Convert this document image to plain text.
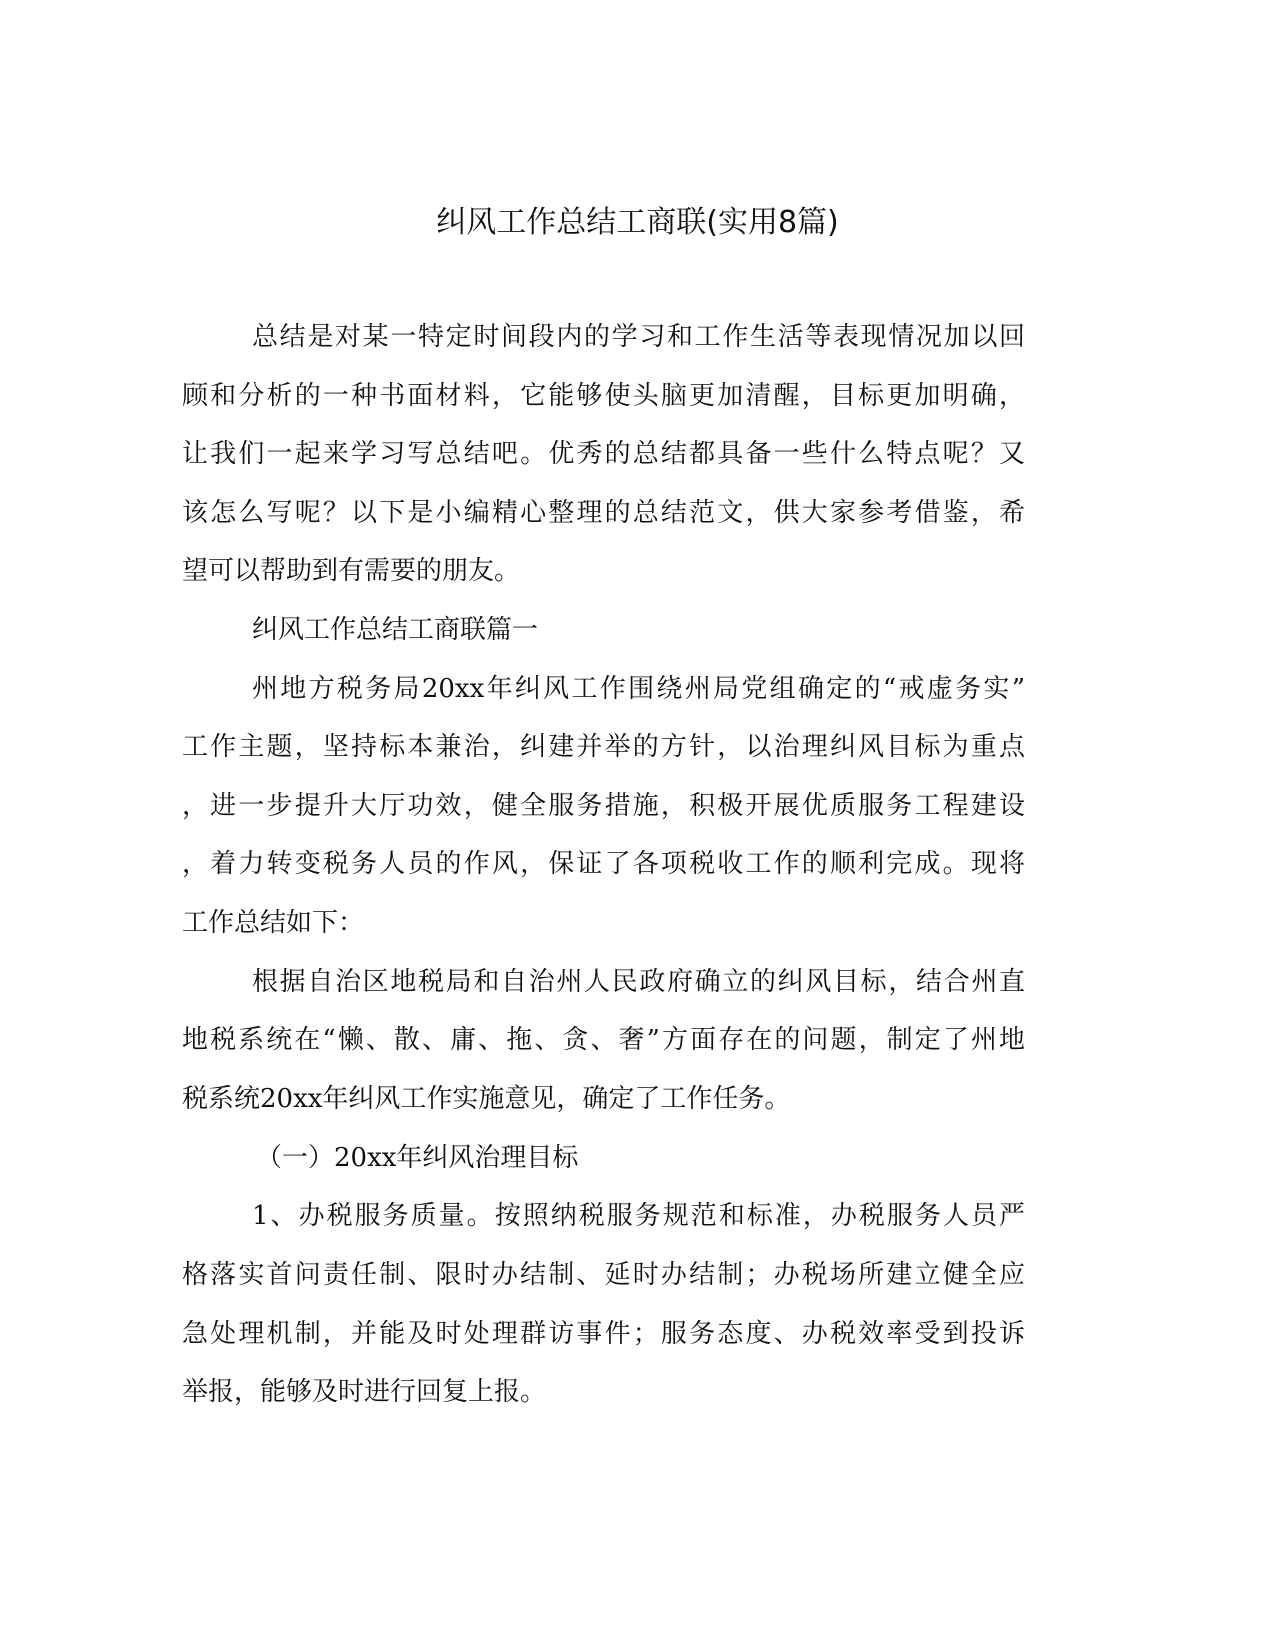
纠风工作总结工商联(实用8篇)
总结是对某一特定时间段内的学习和工作生活等表现情况加以回
顾和分析的一种书面材料，它能够使头脑更加清醒，目标更加明确，
让我们一起来学习写总结吧。优秀的总结都具备一些什么特点呢？又
该怎么写呢？以下是小编精心整理的总结范文，供大家参考借鉴，希
望可以帮助到有需要的朋友。
纠风工作总结工商联篇一
州地方税务局20xx年纠风工作围绕州局党组确定的“戒虚务实”
工作主题，坚持标本兼治，纠建并举的方针，以治理纠风目标为重点
，进一步提升大厅功效，健全服务措施，积极开展优质服务工程建设
，着力转变税务人员的作风，保证了各项税收工作的顺利完成。现将
工作总结如下：
根据自治区地税局和自治州人民政府确立的纠风目标，结合州直
地税系统在“懒、散、庸、拖、贪、奢”方面存在的问题，制定了州地
税系统20xx年纠风工作实施意见，确定了工作任务。
（一）20xx年纠风治理目标
1、办税服务质量。按照纳税服务规范和标准，办税服务人员严
格落实首问责任制、限时办结制、延时办结制；办税场所建立健全应
急处理机制，并能及时处理群访事件；服务态度、办税效率受到投诉
举报，能够及时进行回复上报。
